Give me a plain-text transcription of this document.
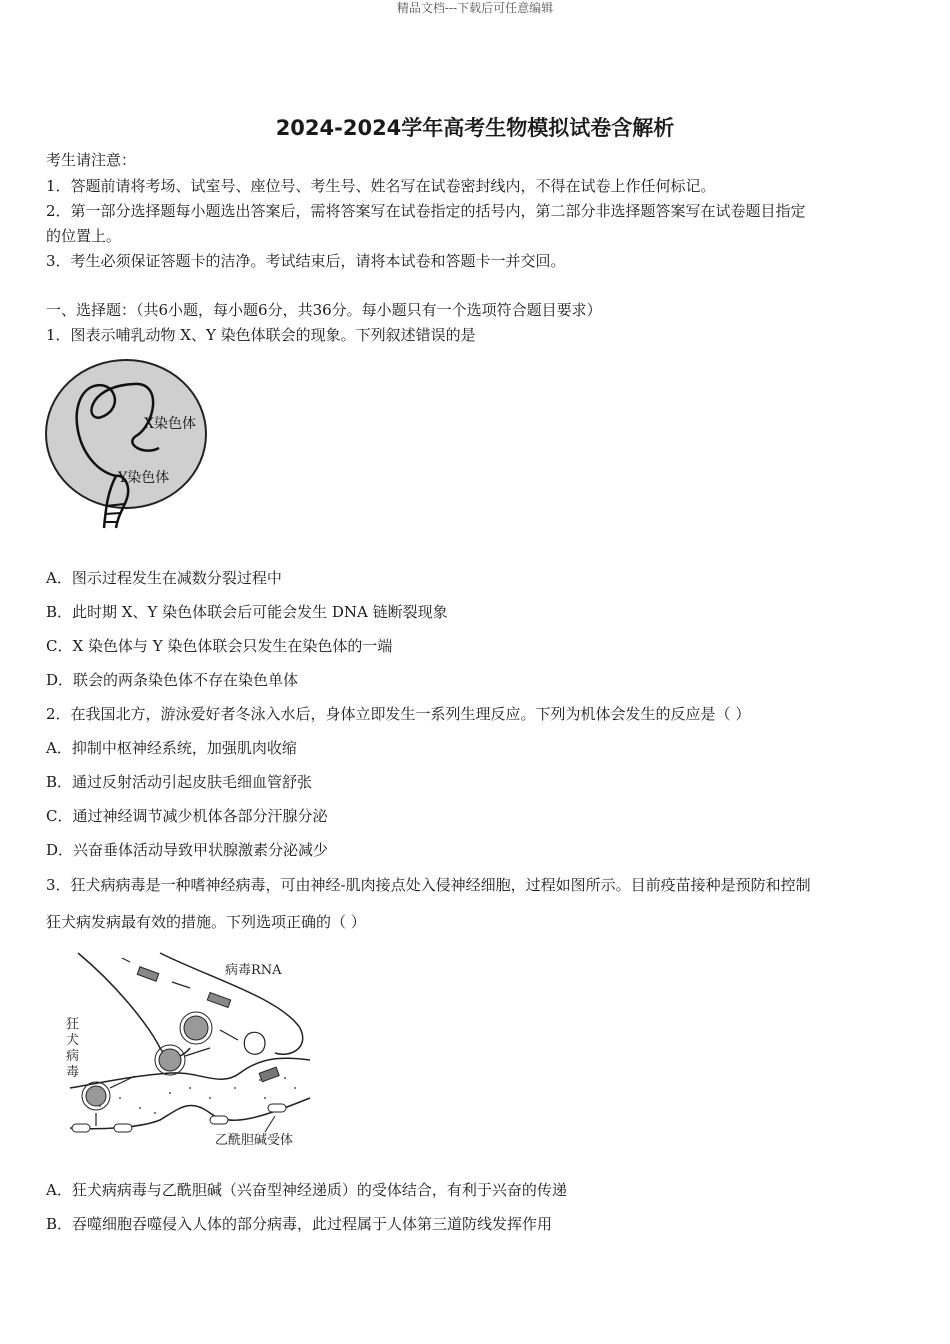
精品文档---下载后可任意编辑
2024-2024学年高考生物模拟试卷含解析
考生请注意：
1．答题前请将考场、试室号、座位号、考生号、姓名写在试卷密封线内，不得在试卷上作任何标记。
2．第一部分选择题每小题选出答案后，需将答案写在试卷指定的括号内，第二部分非选择题答案写在试卷题目指定
的位置上。
3．考生必须保证答题卡的洁净。考试结束后，请将本试卷和答题卡一并交回。
一、选择题：（共6小题，每小题6分，共36分。每小题只有一个选项符合题目要求）
1．图表示哺乳动物 X、Y 染色体联会的现象。下列叙述错误的是
X染色体
Y染色体
A．图示过程发生在减数分裂过程中
B．此时期 X、Y 染色体联会后可能会发生 DNA 链断裂现象
C．X 染色体与 Y 染色体联会只发生在染色体的一端
D．联会的两条染色体不存在染色单体
2．在我国北方，游泳爱好者冬泳入水后，身体立即发生一系列生理反应。下列为机体会发生的反应是（ ）
A．抑制中枢神经系统，加强肌肉收缩
B．通过反射活动引起皮肤毛细血管舒张
C．通过神经调节减少机体各部分汗腺分泌
D．兴奋垂体活动导致甲状腺激素分泌减少
3．狂犬病病毒是一种嗜神经病毒，可由神经-肌肉接点处入侵神经细胞，过程如图所示。目前疫苗接种是预防和控制
狂犬病发病最有效的措施。下列选项正确的（ ）
病毒RNA
狂
犬
病
毒
乙酰胆碱受体
A．狂犬病病毒与乙酰胆碱（兴奋型神经递质）的受体结合，有利于兴奋的传递
B．吞噬细胞吞噬侵入人体的部分病毒，此过程属于人体第三道防线发挥作用
